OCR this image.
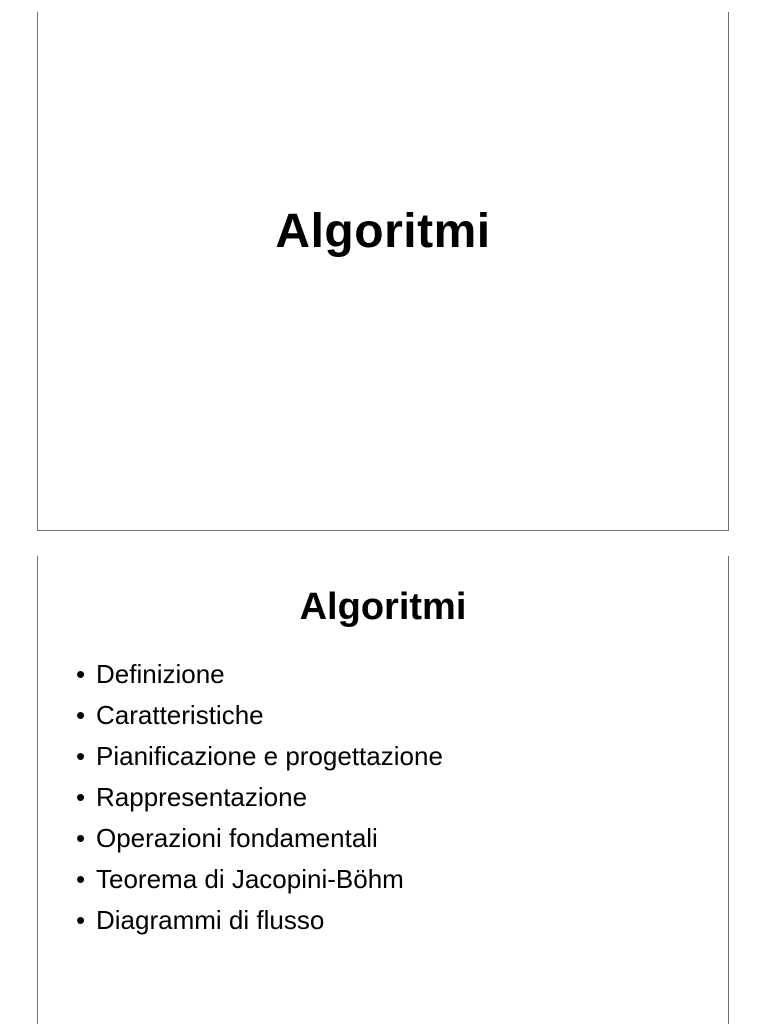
Algoritmi
Algoritmi
• Definizione
• Caratteristiche
• Pianificazione e progettazione
• Rappresentazione
• Operazioni fondamentali
• Teorema di Jacopini-Böhm
• Diagrammi di flusso
